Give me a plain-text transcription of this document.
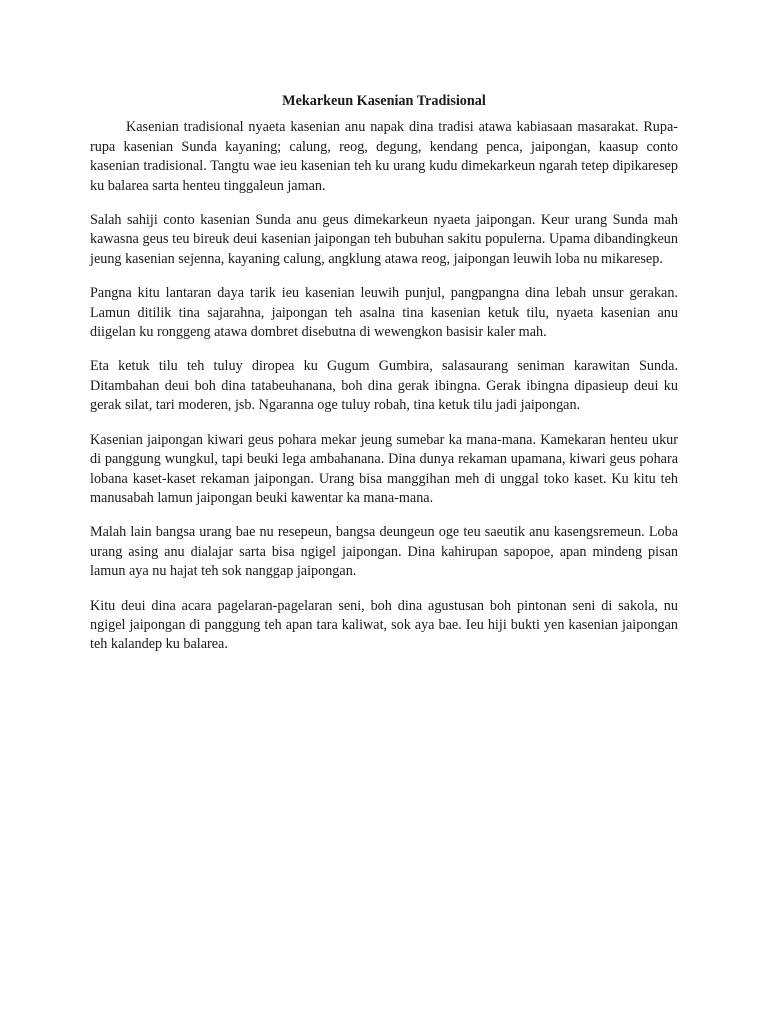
Mekarkeun Kasenian Tradisional

Kasenian tradisional nyaeta kasenian anu napak dina tradisi atawa kabiasaan masarakat. Rupa-rupa kasenian Sunda kayaning; calung, reog, degung, kendang penca, jaipongan, kaasup conto kasenian tradisional. Tangtu wae ieu kasenian teh ku urang kudu dimekarkeun ngarah tetep dipikaresep ku balarea sarta henteu tinggaleun jaman.

Salah sahiji conto kasenian Sunda anu geus dimekarkeun nyaeta jaipongan. Keur urang Sunda mah kawasna geus teu bireuk deui kasenian jaipongan teh bubuhan sakitu populerna. Upama dibandingkeun jeung kasenian sejenna, kayaning calung, angklung atawa reog, jaipongan leuwih loba nu mikaresep.

Pangna kitu lantaran daya tarik ieu kasenian leuwih punjul, pangpangna dina lebah unsur gerakan. Lamun ditilik tina sajarahna, jaipongan teh asalna tina kasenian ketuk tilu, nyaeta kasenian anu diigelan ku ronggeng atawa dombret disebutna di wewengkon basisir kaler mah.

Eta ketuk tilu teh tuluy diropea ku Gugum Gumbira, salasaurang seniman karawitan Sunda. Ditambahan deui boh dina tatabeuhanana, boh dina gerak ibingna. Gerak ibingna dipasieup deui ku gerak silat, tari moderen, jsb. Ngaranna oge tuluy robah, tina ketuk tilu jadi jaipongan.

Kasenian jaipongan kiwari geus pohara mekar jeung sumebar ka mana-mana. Kamekaran henteu ukur di panggung wungkul, tapi beuki lega ambahanana. Dina dunya rekaman upamana, kiwari geus pohara lobana kaset-kaset rekaman jaipongan. Urang bisa manggihan meh di unggal toko kaset. Ku kitu teh manusabah lamun jaipongan beuki kawentar ka mana-mana.

Malah lain bangsa urang bae nu resepeun, bangsa deungeun oge teu saeutik anu kasengsremeun. Loba urang asing anu dialajar sarta bisa ngigel jaipongan. Dina kahirupan sapopoe, apan mindeng pisan lamun aya nu hajat teh sok nanggap jaipongan.

Kitu deui dina acara pagelaran-pagelaran seni, boh dina agustusan boh pintonan seni di sakola, nu ngigel jaipongan di panggung teh apan tara kaliwat, sok aya bae. Ieu hiji bukti yen kasenian jaipongan teh kalandep ku balarea.
